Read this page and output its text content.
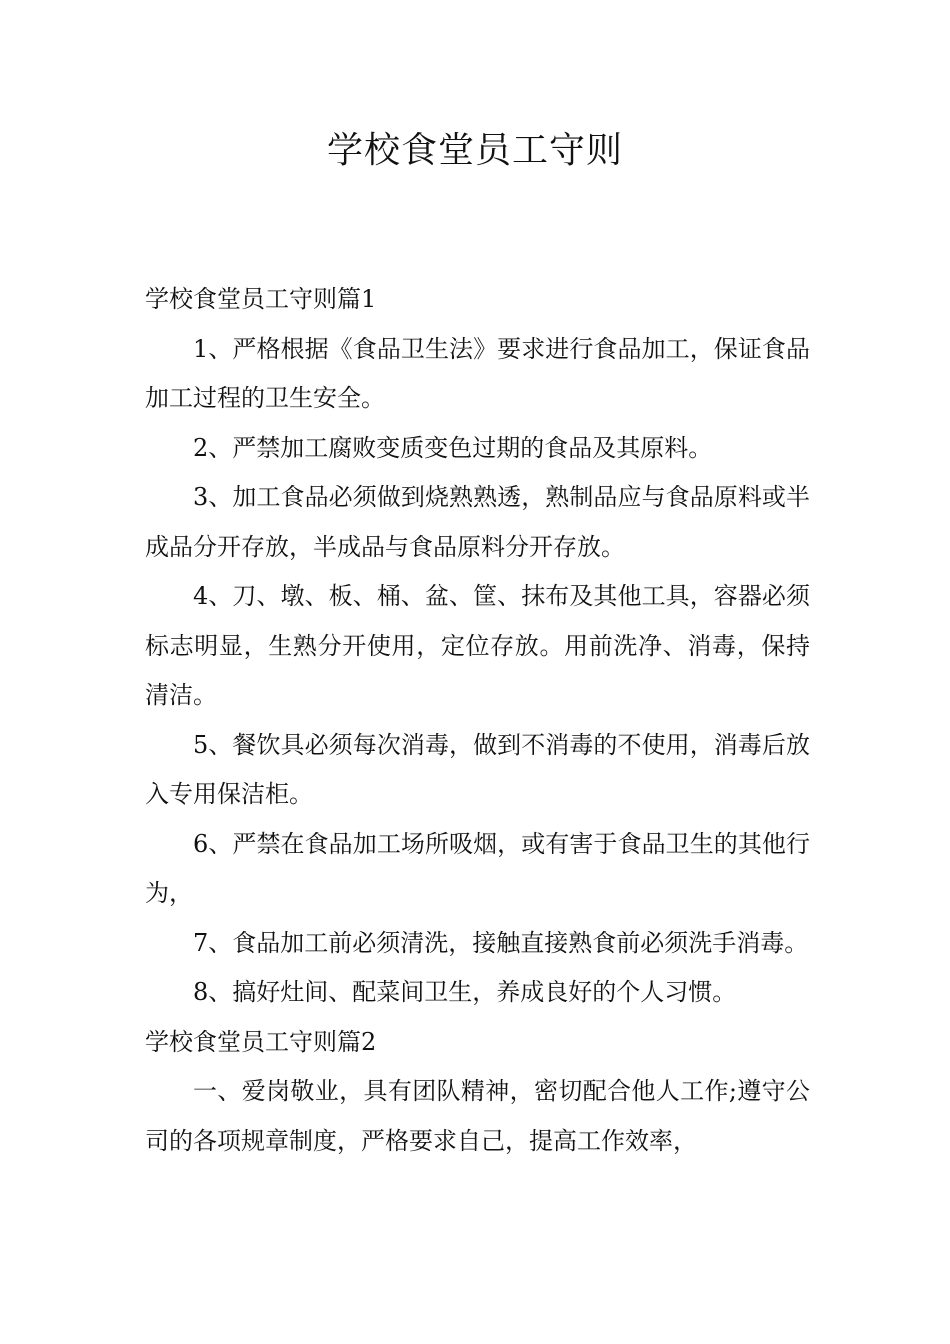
学校食堂员工守则

学校食堂员工守则篇1

1、严格根据《食品卫生法》要求进行食品加工，保证食品加工过程的卫生安全。

2、严禁加工腐败变质变色过期的食品及其原料。

3、加工食品必须做到烧熟熟透，熟制品应与食品原料或半成品分开存放，半成品与食品原料分开存放。

4、刀、墩、板、桶、盆、筐、抹布及其他工具，容器必须标志明显，生熟分开使用，定位存放。用前洗净、消毒，保持清洁。

5、餐饮具必须每次消毒，做到不消毒的不使用，消毒后放入专用保洁柜。

6、严禁在食品加工场所吸烟，或有害于食品卫生的其他行为，

7、食品加工前必须清洗，接触直接熟食前必须洗手消毒。

8、搞好灶间、配菜间卫生，养成良好的个人习惯。

学校食堂员工守则篇2

一、爱岗敬业，具有团队精神，密切配合他人工作;遵守公司的各项规章制度，严格要求自己，提高工作效率，
